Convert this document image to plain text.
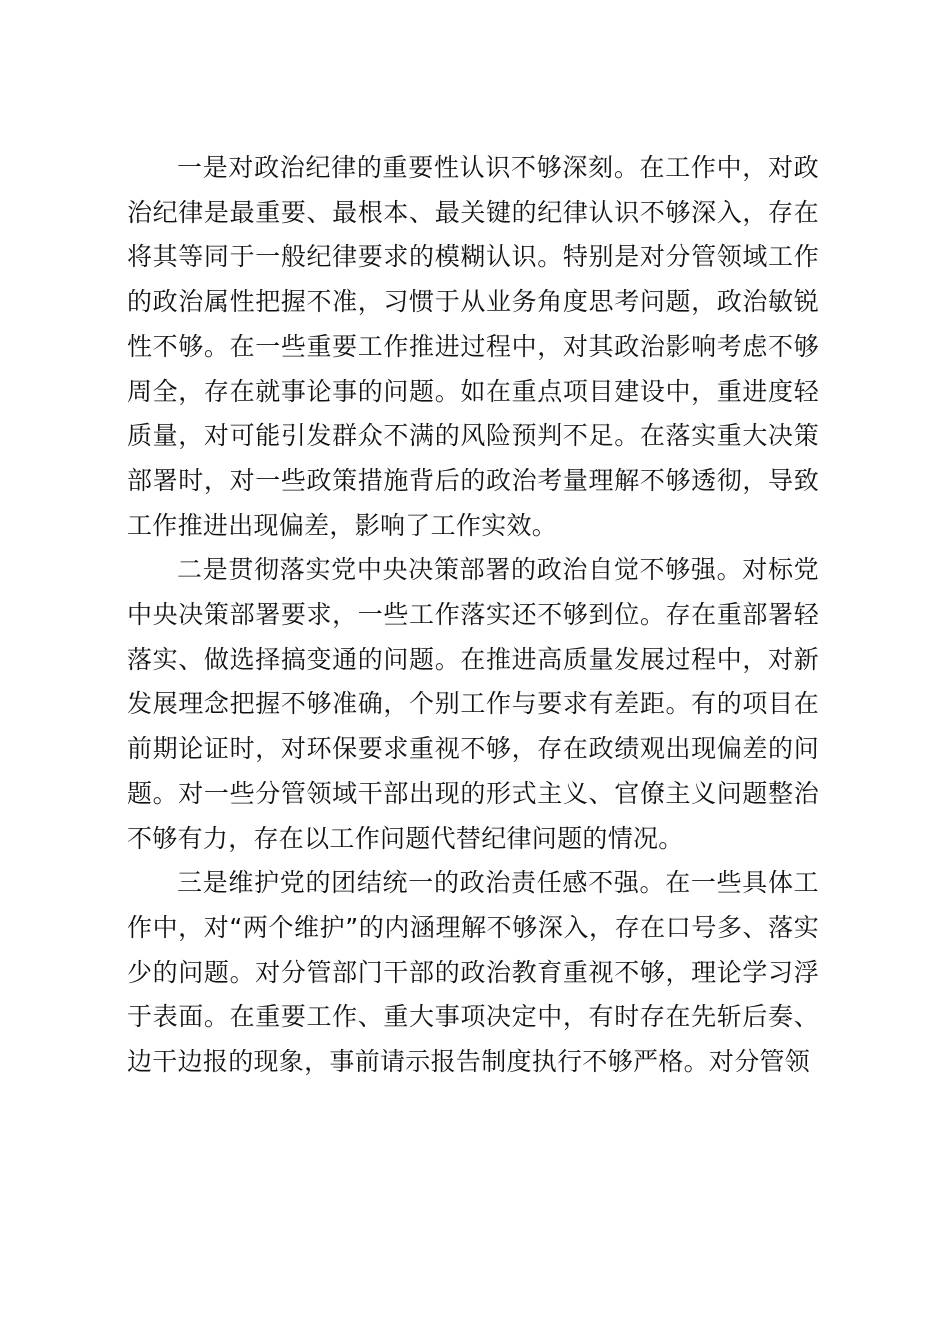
一是对政治纪律的重要性认识不够深刻。在工作中，对政治纪律是最重要、最根本、最关键的纪律认识不够深入，存在将其等同于一般纪律要求的模糊认识。特别是对分管领域工作的政治属性把握不准，习惯于从业务角度思考问题，政治敏锐性不够。在一些重要工作推进过程中，对其政治影响考虑不够周全，存在就事论事的问题。如在重点项目建设中，重进度轻质量，对可能引发群众不满的风险预判不足。在落实重大决策部署时，对一些政策措施背后的政治考量理解不够透彻，导致工作推进出现偏差，影响了工作实效。

二是贯彻落实党中央决策部署的政治自觉不够强。对标党中央决策部署要求，一些工作落实还不够到位。存在重部署轻落实、做选择搞变通的问题。在推进高质量发展过程中，对新发展理念把握不够准确，个别工作与要求有差距。有的项目在前期论证时，对环保要求重视不够，存在政绩观出现偏差的问题。对一些分管领域干部出现的形式主义、官僚主义问题整治不够有力，存在以工作问题代替纪律问题的情况。

三是维护党的团结统一的政治责任感不强。在一些具体工作中，对“两个维护”的内涵理解不够深入，存在口号多、落实少的问题。对分管部门干部的政治教育重视不够，理论学习浮于表面。在重要工作、重大事项决定中，有时存在先斩后奏、边干边报的现象，事前请示报告制度执行不够严格。对分管领
